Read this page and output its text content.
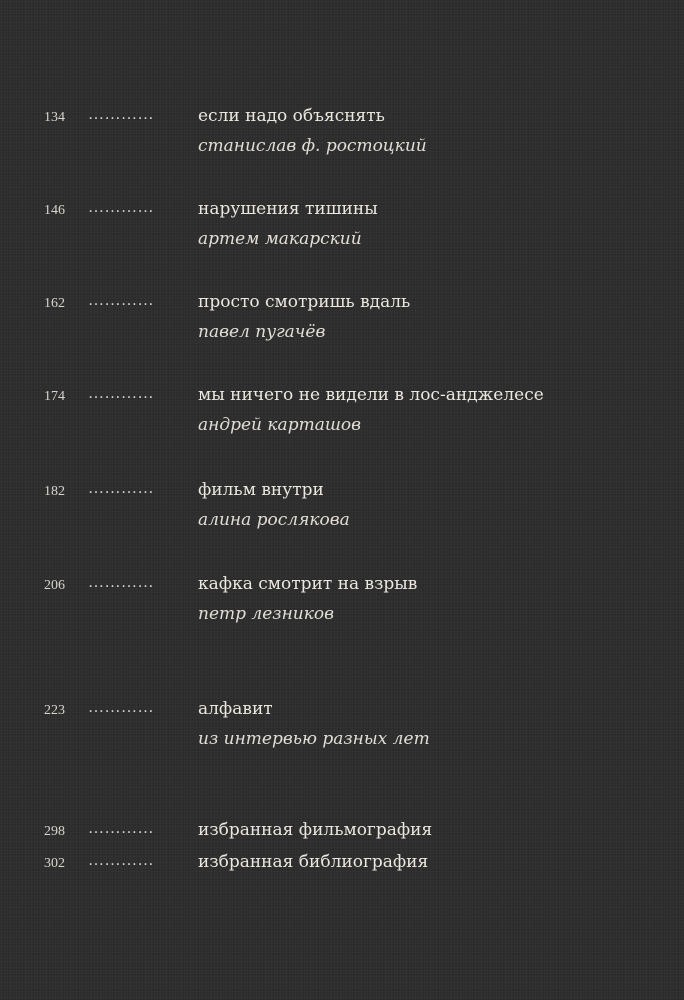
134 …………	если надо объяснять
станислав ф. ростоцкий
146 …………	нарушения тишины
артем макарский
162 …………	просто смотришь вдаль
павел пугачёв
174 …………	мы ничего не видели в лос-анджелесе
андрей карташов
182 …………	фильм внутри
алина рослякова
206 …………	кафка смотрит на взрыв
петр лезников
223 …………	алфавит
из интервью разных лет
298 …………	избранная фильмография
302 …………	избранная библиография
